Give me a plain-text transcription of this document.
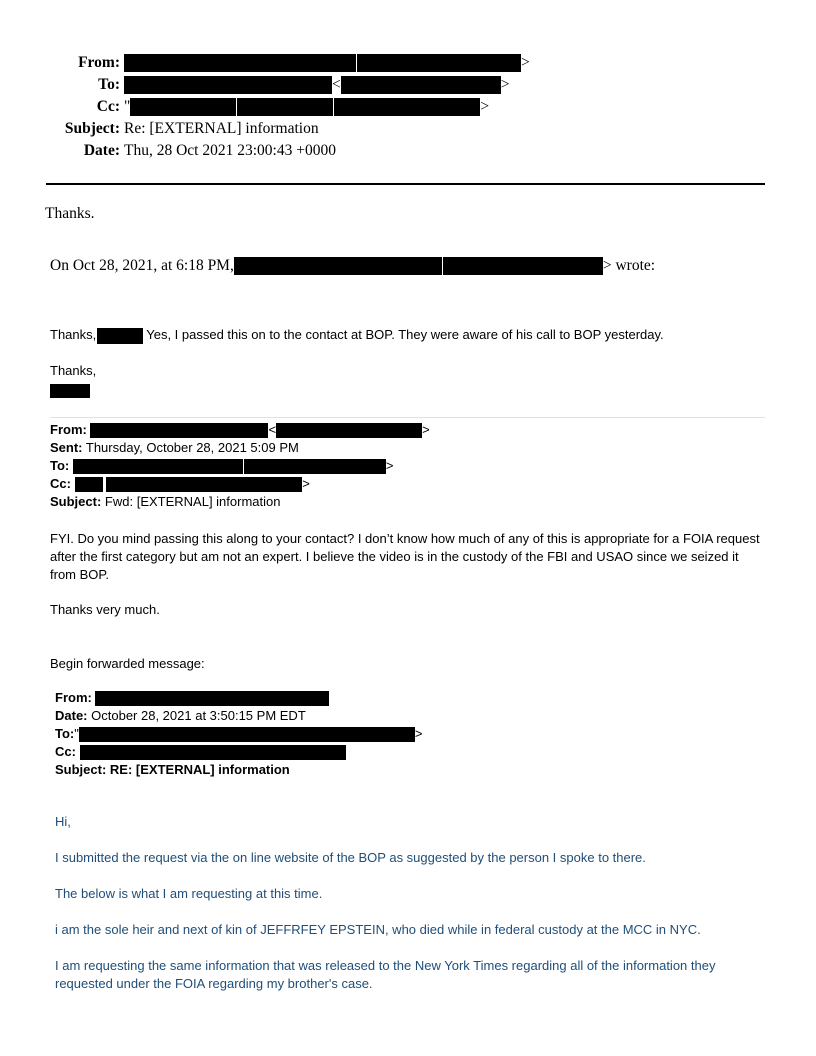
From:	>
To:	<	>
Cc: "	>
Subject: Re: [EXTERNAL] information
Date: Thu, 28 Oct 2021 23:00:43 +0000
Thanks.
On Oct 28, 2021, at 6:18 PM,	> wrote:
Thanks,	Yes, I passed this on to the contact at BOP. They were aware of his call to BOP yesterday.
Thanks,
From:	<	>
Sent: Thursday, October 28, 2021 5:09 PM
To:	>
Cc:	>
Subject: Fwd: [EXTERNAL] information
FYI. Do you mind passing this along to your contact? I don’t know how much of any of this is appropriate for a FOIA request after the first category but am not an expert. I believe the video is in the custody of the FBI and USAO since we seized it from BOP.
Thanks very much.
Begin forwarded message:
From:
Date: October 28, 2021 at 3:50:15 PM EDT
To:"	>
Cc:
Subject: RE: [EXTERNAL] information
Hi,
I submitted the request via the on line website of the BOP as suggested by the person I spoke to there.
The below is what I am requesting at this time.
i am the sole heir and next of kin of JEFFRFEY EPSTEIN, who died while in federal custody at the MCC in NYC.
I am requesting the same information that was released to the New York Times regarding all of the information they requested under the FOIA regarding my brother's case.
